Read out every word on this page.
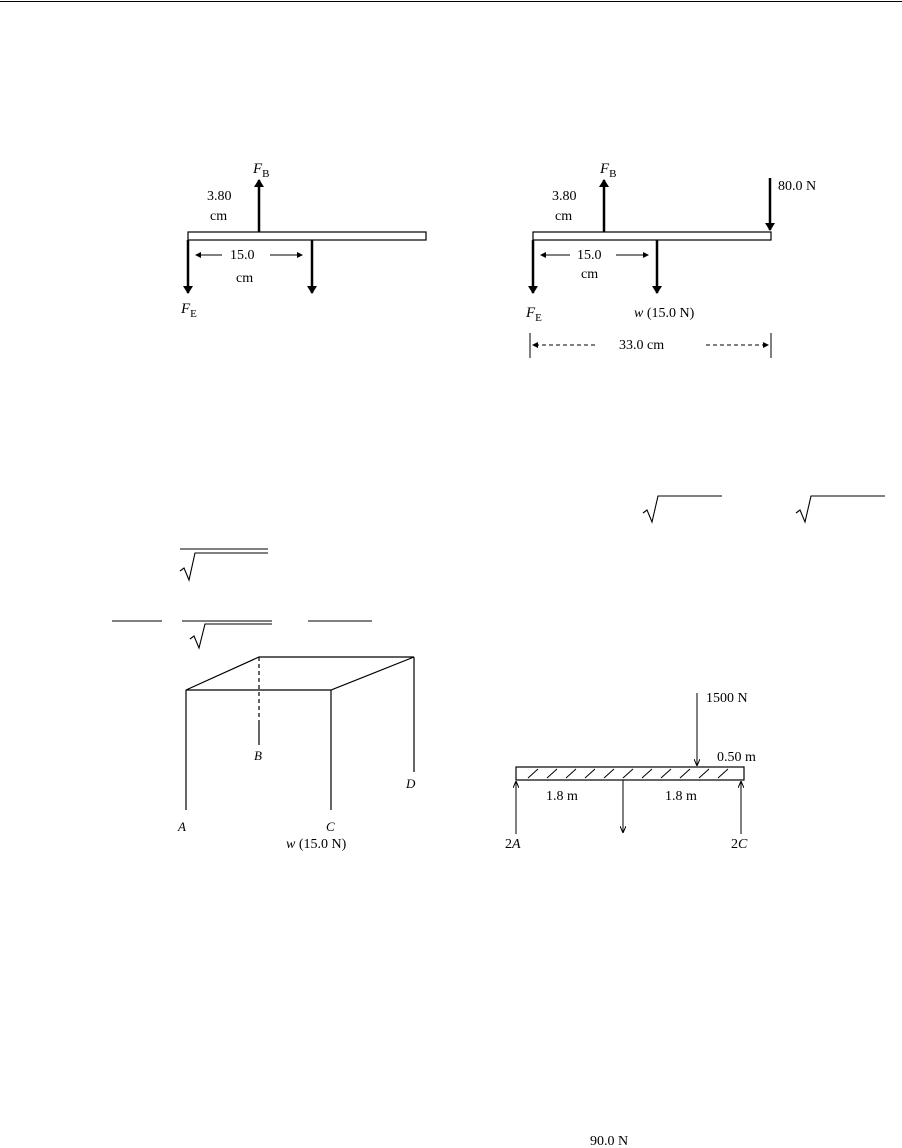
$F_B$
3.80
cm
$F_E$
w (15.0 N)
15.0
cm
$F_B$
3.80
cm
80.0 N
$F_E$	w (15.0 N)
15.0
cm
33.0 cm
A
B
C
D
1500 N
0.50 m
1.8 m	1.8 m
2A
90.0 N
2C
